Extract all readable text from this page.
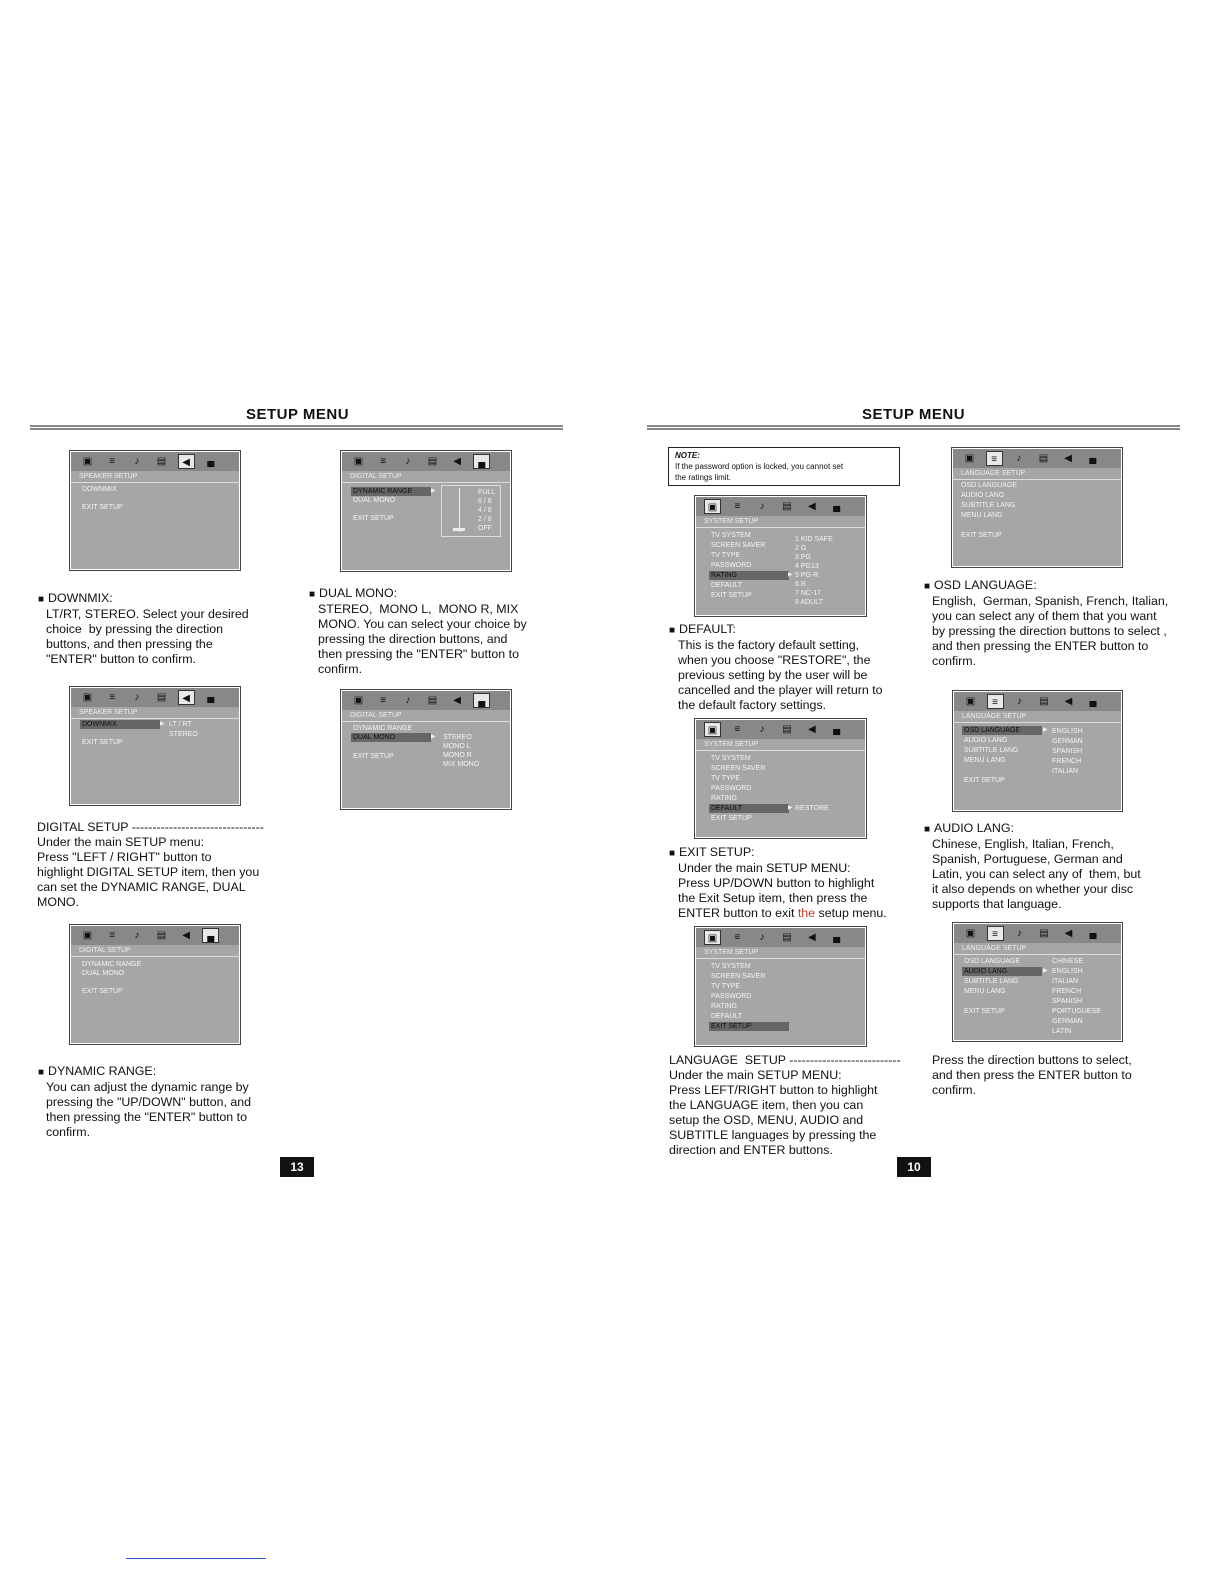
SETUP MENU
▣	≡	♪	▤	◀	▄
SPEAKER SETUP
DOWNMIX
EXIT SETUP
▣	≡	♪	▤	◀	▄
DIGITAL SETUP
DYNAMIC RANGE	▶
DUAL MONO
EXIT SETUP
FULL
6 / 8
4 / 8
2 / 8
OFF
■ DOWNMIX:
LT/RT, STEREO. Select your desired
choice  by pressing the direction
buttons, and then pressing the
"ENTER" button to confirm.
■ DUAL MONO:
STEREO,  MONO L,  MONO R, MIX
MONO. You can select your choice by
pressing the direction buttons, and
then pressing the "ENTER" button to
confirm.
▣	≡	♪	▤	◀	▄
SPEAKER SETUP
DOWNMIX	▶ LT / RT
STEREO
EXIT SETUP
▣	≡	♪	▤	◀	▄
DIGITAL SETUP
DYNAMIC RANGE
DUAL MONO	▶ STEREO
MONO L
MONO R
MIX MONO
EXIT SETUP
DIGITAL SETUP --------------------------------
Under the main SETUP menu:
Press "LEFT / RIGHT" button to
highlight DIGITAL SETUP item, then you
can set the DYNAMIC RANGE, DUAL
MONO.
▣	≡	♪	▤	◀	▄
DIGITAL SETUP
DYNAMIC RANGE
DUAL MONO
EXIT SETUP
■ DYNAMIC RANGE:
You can adjust the dynamic range by
pressing the "UP/DOWN" button, and
then pressing the "ENTER" button to
confirm.
13
SETUP MENU
NOTE:
If the password option is locked, you cannot set
the ratings limit.
▣	≡	♪	▤	◀	▄
SYSTEM SETUP
TV SYSTEM
SCREEN SAVER
TV TYPE
PASSWORD
RATING	▶
DEFAULT
EXIT SETUP
1 KID SAFE
2 G
3 PG
4 PG13
5 PG-R
6 R
7 NC-17
8 ADULT
■ DEFAULT:
This is the factory default setting,
when you choose "RESTORE", the
previous setting by the user will be
cancelled and the player will return to
the default factory settings.
▣	≡	♪	▤	◀	▄
SYSTEM SETUP
TV SYSTEM
SCREEN SAVER
TV TYPE
PASSWORD
RATING
DEFAULT	▶ RESTORE
EXIT SETUP
■ EXIT SETUP:
Under the main SETUP MENU:
Press UP/DOWN button to highlight
the Exit Setup item, then press the
ENTER button to exit the setup menu.
▣	≡	♪	▤	◀	▄
SYSTEM SETUP
TV SYSTEM
SCREEN SAVER
TV TYPE
PASSWORD
RATING
DEFAULT
EXIT SETUP
LANGUAGE  SETUP ---------------------------
Under the main SETUP MENU:
Press LEFT/RIGHT button to highlight
the LANGUAGE item, then you can
setup the OSD, MENU, AUDIO and
SUBTITLE languages by pressing the
direction and ENTER buttons.
▣	≡	♪	▤	◀	▄
LANGUAGE SETUP
OSD LANGUAGE
AUDIO LANG
SUBTITLE LANG
MENU LANG
EXIT SETUP
■ OSD LANGUAGE:
English,  German, Spanish, French, Italian,
you can select any of them that you want
by pressing the direction buttons to select ,
and then pressing the ENTER button to
confirm.
▣	≡	♪	▤	◀	▄
LANGUAGE SETUP
OSD LANGUAGE	▶
AUDIO LANG
SUBTITLE LANG
MENU LANG
EXIT SETUP
ENGLISH
GERMAN
SPANISH
FRENCH
ITALIAN
■ AUDIO LANG:
Chinese, English, Italian, French,
Spanish, Portuguese, German and
Latin, you can select any of  them, but
it also depends on whether your disc
supports that language.
▣	≡	♪	▤	◀	▄
LANGUAGE SETUP
OSD LANGUAGE
AUDIO LANG	▶
SUBTITLE LANG
MENU LANG
EXIT SETUP
CHINESE
ENGLISH
ITALIAN
FRENCH
SPANISH
PORTUGUESE
GERMAN
LATIN
Press the direction buttons to select,
and then press the ENTER button to
confirm.
10
